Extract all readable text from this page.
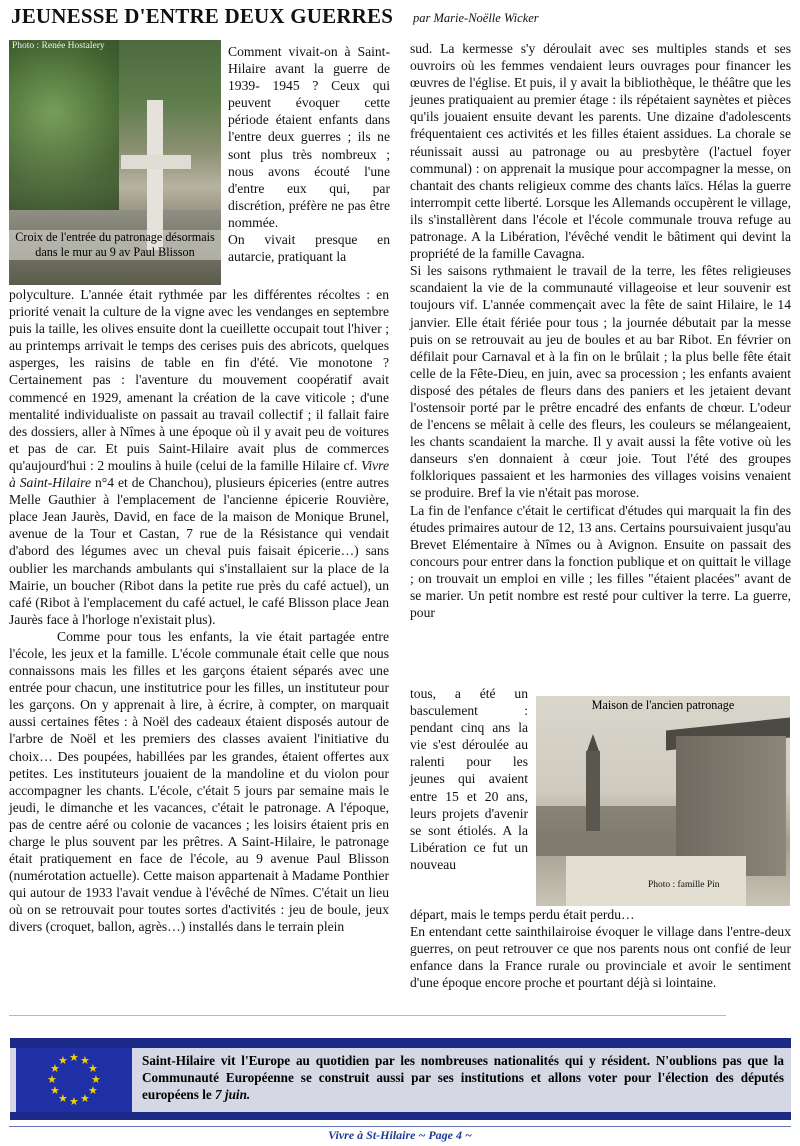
JEUNESSE D'ENTRE DEUX GUERRES par Marie-Noëlle Wicker
Photo : Renée Hostalery
Croix de l'entrée du patronage désormais dans le mur au 9 av Paul Blisson

Comment vivait-on à Saint-Hilaire avant la guerre de 1939- 1945 ? Ceux qui peuvent évoquer cette période étaient enfants dans l'entre deux guerres ; ils ne sont plus très nombreux ; nous avons écouté l'une d'entre eux qui, par discrétion, préfère ne pas être nommée.

On vivait presque en autarcie, pratiquant la

polyculture. L'année était rythmée par les différentes récoltes : en priorité venait la culture de la vigne avec les vendanges en septembre puis la taille, les olives ensuite dont la cueillette occupait tout l'hiver ; au printemps arrivait le temps des cerises puis des abricots, quelques asperges, les raisins de table en fin d'été. Vie monotone ? Certainement pas : l'aventure du mouvement coopératif avait commencé en 1929, amenant la création de la cave viticole ; d'une mentalité individualiste on passait au travail collectif ; il fallait faire des dossiers, aller à Nîmes à une époque où il y avait peu de voitures et pas de car. Et puis Saint-Hilaire avait plus de commerces qu'aujourd'hui : 2 moulins à huile (celui de la famille Hilaire cf. Vivre à Saint-Hilaire n°4 et de Chanchou), plusieurs épiceries (entre autres Melle Gauthier à l'emplacement de l'ancienne épicerie Rouvière, place Jean Jaurès, David, en face de la maison de Monique Brunel, avenue de la Tour et Castan, 7 rue de la Résistance qui vendait d'abord des légumes avec un cheval puis faisait épicerie…) sans oublier les marchands ambulants qui s'installaient sur la place de la Mairie, un boucher (Ribot dans la petite rue près du café actuel), un café (Ribot à l'emplacement du café actuel, le café Blisson place Jean Jaurès face à l'horloge n'existait plus).

Comme pour tous les enfants, la vie était partagée entre l'école, les jeux et la famille. L'école communale était celle que nous connaissons mais les filles et les garçons étaient séparés avec une entrée pour chacun, une institutrice pour les filles, un instituteur pour les garçons. On y apprenait à lire, à écrire, à compter, on marquait aussi certaines fêtes : à Noël des cadeaux étaient disposés autour de l'arbre de Noël et les premiers des classes avaient l'initiative du choix… Des poupées, habillées par les grandes, étaient offertes aux petites. Les instituteurs jouaient de la mandoline et du violon pour accompagner les chants. L'école, c'était 5 jours par semaine mais le jeudi, le dimanche et les vacances, c'était le patronage. A l'époque, pas de centre aéré ou colonie de vacances ; les loisirs étaient pris en charge le plus souvent par les prêtres. A Saint-Hilaire, le patronage était pratiquement en face de l'école, au 9 avenue Paul Blisson (numérotation actuelle). Cette maison appartenait à Madame Ponthier qui autour de 1933 l'avait vendue à l'évêché de Nîmes. C'était un lieu où on se retrouvait pour toutes sortes d'activités : jeu de boule, jeux divers (croquet, ballon, agrès…) installés dans le terrain plein

sud. La kermesse s'y déroulait avec ses multiples stands et ses ouvroirs où les femmes vendaient leurs ouvrages pour financer les œuvres de l'église. Et puis, il y avait la bibliothèque, le théâtre que les jeunes pratiquaient au premier étage : ils répétaient saynètes et pièces qu'ils jouaient ensuite devant les parents. Une dizaine d'adolescents fréquentaient ces activités et les filles étaient assidues. La chorale se réunissait aussi au patronage ou au presbytère (l'actuel foyer communal) : on apprenait la musique pour accompagner la messe, on chantait des chants religieux comme des chants laïcs. Hélas la guerre interrompit cette liberté. Lorsque les Allemands occupèrent le village, ils s'installèrent dans l'école et l'école communale trouva refuge au patronage. A la Libération, l'évêché vendit le bâtiment qui devint la propriété de la famille Cavagna.

Si les saisons rythmaient le travail de la terre, les fêtes religieuses scandaient la vie de la communauté villageoise et leur souvenir est toujours vif. L'année commençait avec la fête de saint Hilaire, le 14 janvier. Elle était fériée pour tous ; la journée débutait par la messe puis on se retrouvait au jeu de boules et au bar Ribot. En février on défilait pour Carnaval et à la fin on le brûlait ; la plus belle fête était celle de la Fête-Dieu, en juin, avec sa procession ; les enfants avaient disposé des pétales de fleurs dans des paniers et les jetaient devant l'ostensoir porté par le prêtre encadré des enfants de chœur. L'odeur de l'encens se mêlait à celle des fleurs, les couleurs se mélangeaient, les chants scandaient la marche. Il y avait aussi la fête votive où les danseurs s'en donnaient à cœur joie. Tout l'été des groupes folkloriques passaient et les harmonies des villages voisins venaient se produire. Bref la vie n'était pas morose.

La fin de l'enfance c'était le certificat d'études qui marquait la fin des études primaires autour de 12, 13 ans. Certains poursuivaient jusqu'au Brevet Elémentaire à Nîmes ou à Avignon. Ensuite on passait des concours pour entrer dans la fonction publique et on quittait le village ; on trouvait un emploi en ville ; les filles "étaient placées" avant de se marier. Un petit nombre est resté pour cultiver la terre. La guerre, pour

tous, a été un basculement : pendant cinq ans la vie s'est déroulée au ralenti pour les jeunes qui avaient entre 15 et 20 ans, leurs projets d'avenir se sont étiolés. A la Libération ce fut un nouveau

Maison de l'ancien patronage
Photo : famille Pin

départ, mais le temps perdu était perdu…

En entendant cette sainthilairoise évoquer le village dans l'entre-deux guerres, on peut retrouver ce que nos parents nous ont confié de leur enfance dans la France rurale ou provinciale et avoir le sentiment d'une époque encore proche et pourtant déjà si lointaine.

★ ★
★
★
★
★
★
★
★
★
★
★	Saint-Hilaire vit l'Europe au quotidien par les nombreuses nationalités qui y résident. N'oublions pas que la Communauté Européenne se construit aussi par ses institutions et allons voter pour l'élection des députés européens le 7 juin.
Vivre à St-Hilaire ~ Page 4 ~
